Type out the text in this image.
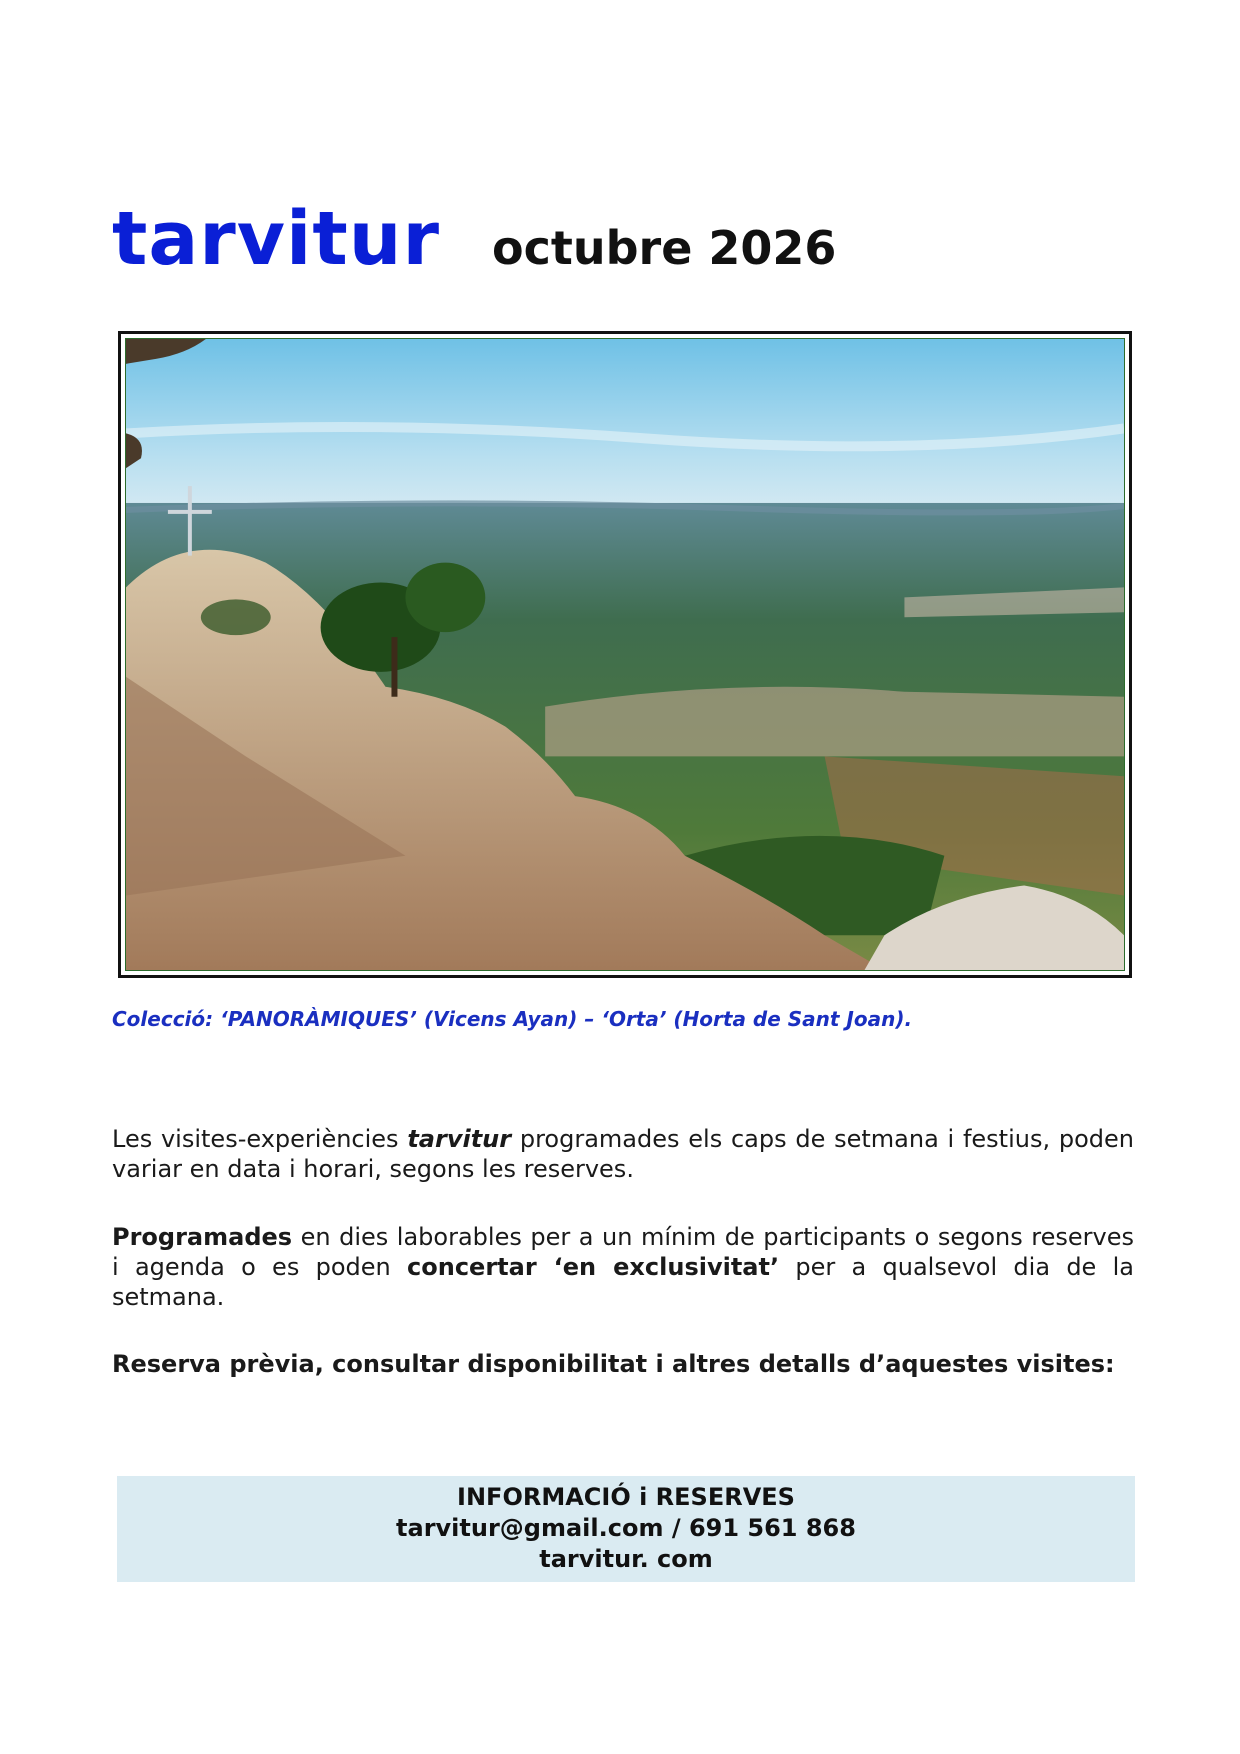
tarvitur octubre 2026
Colecció: ‘PANORÀMIQUES’ (Vicens Ayan) – ‘Orta’ (Horta de Sant Joan).

Les visites-experiències tarvitur programades els caps de setmana i festius, poden variar en data i horari, segons les reserves.

Programades en dies laborables per a un mínim de participants o segons reserves i agenda o es poden concertar ‘en exclusivitat’ per a qualsevol dia de la setmana.

Reserva prèvia, consultar disponibilitat i altres detalls d’aquestes visites:

INFORMACIÓ i RESERVES
tarvitur@gmail.com / 691 561 868
tarvitur. com
